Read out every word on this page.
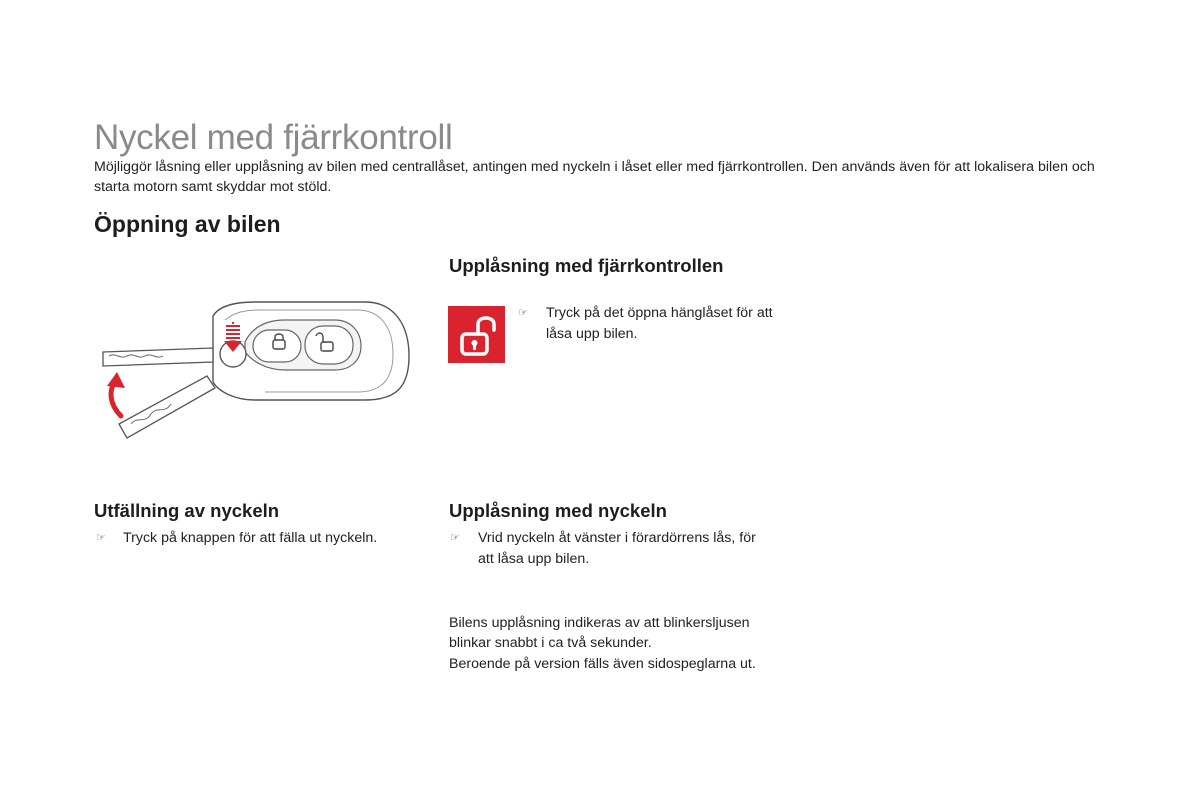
Nyckel med fjärrkontroll

Möjliggör låsning eller upplåsning av bilen med centrallåset, antingen med nyckeln i låset eller med fjärrkontrollen. Den används även för att lokalisera bilen och starta motorn samt skyddar mot stöld.

Öppning av bilen
Upplåsning med fjärrkontrollen
☞	Tryck på det öppna hänglåset för att låsa upp bilen.
Utfällning av nyckeln
☞	Tryck på knappen för att fälla ut nyckeln.
Upplåsning med nyckeln
☞	Vrid nyckeln åt vänster i förardörrens lås, för att låsa upp bilen.
Bilens upplåsning indikeras av att blinkersljusen blinkar snabbt i ca två sekunder.
Beroende på version fälls även sidospeglarna ut.
